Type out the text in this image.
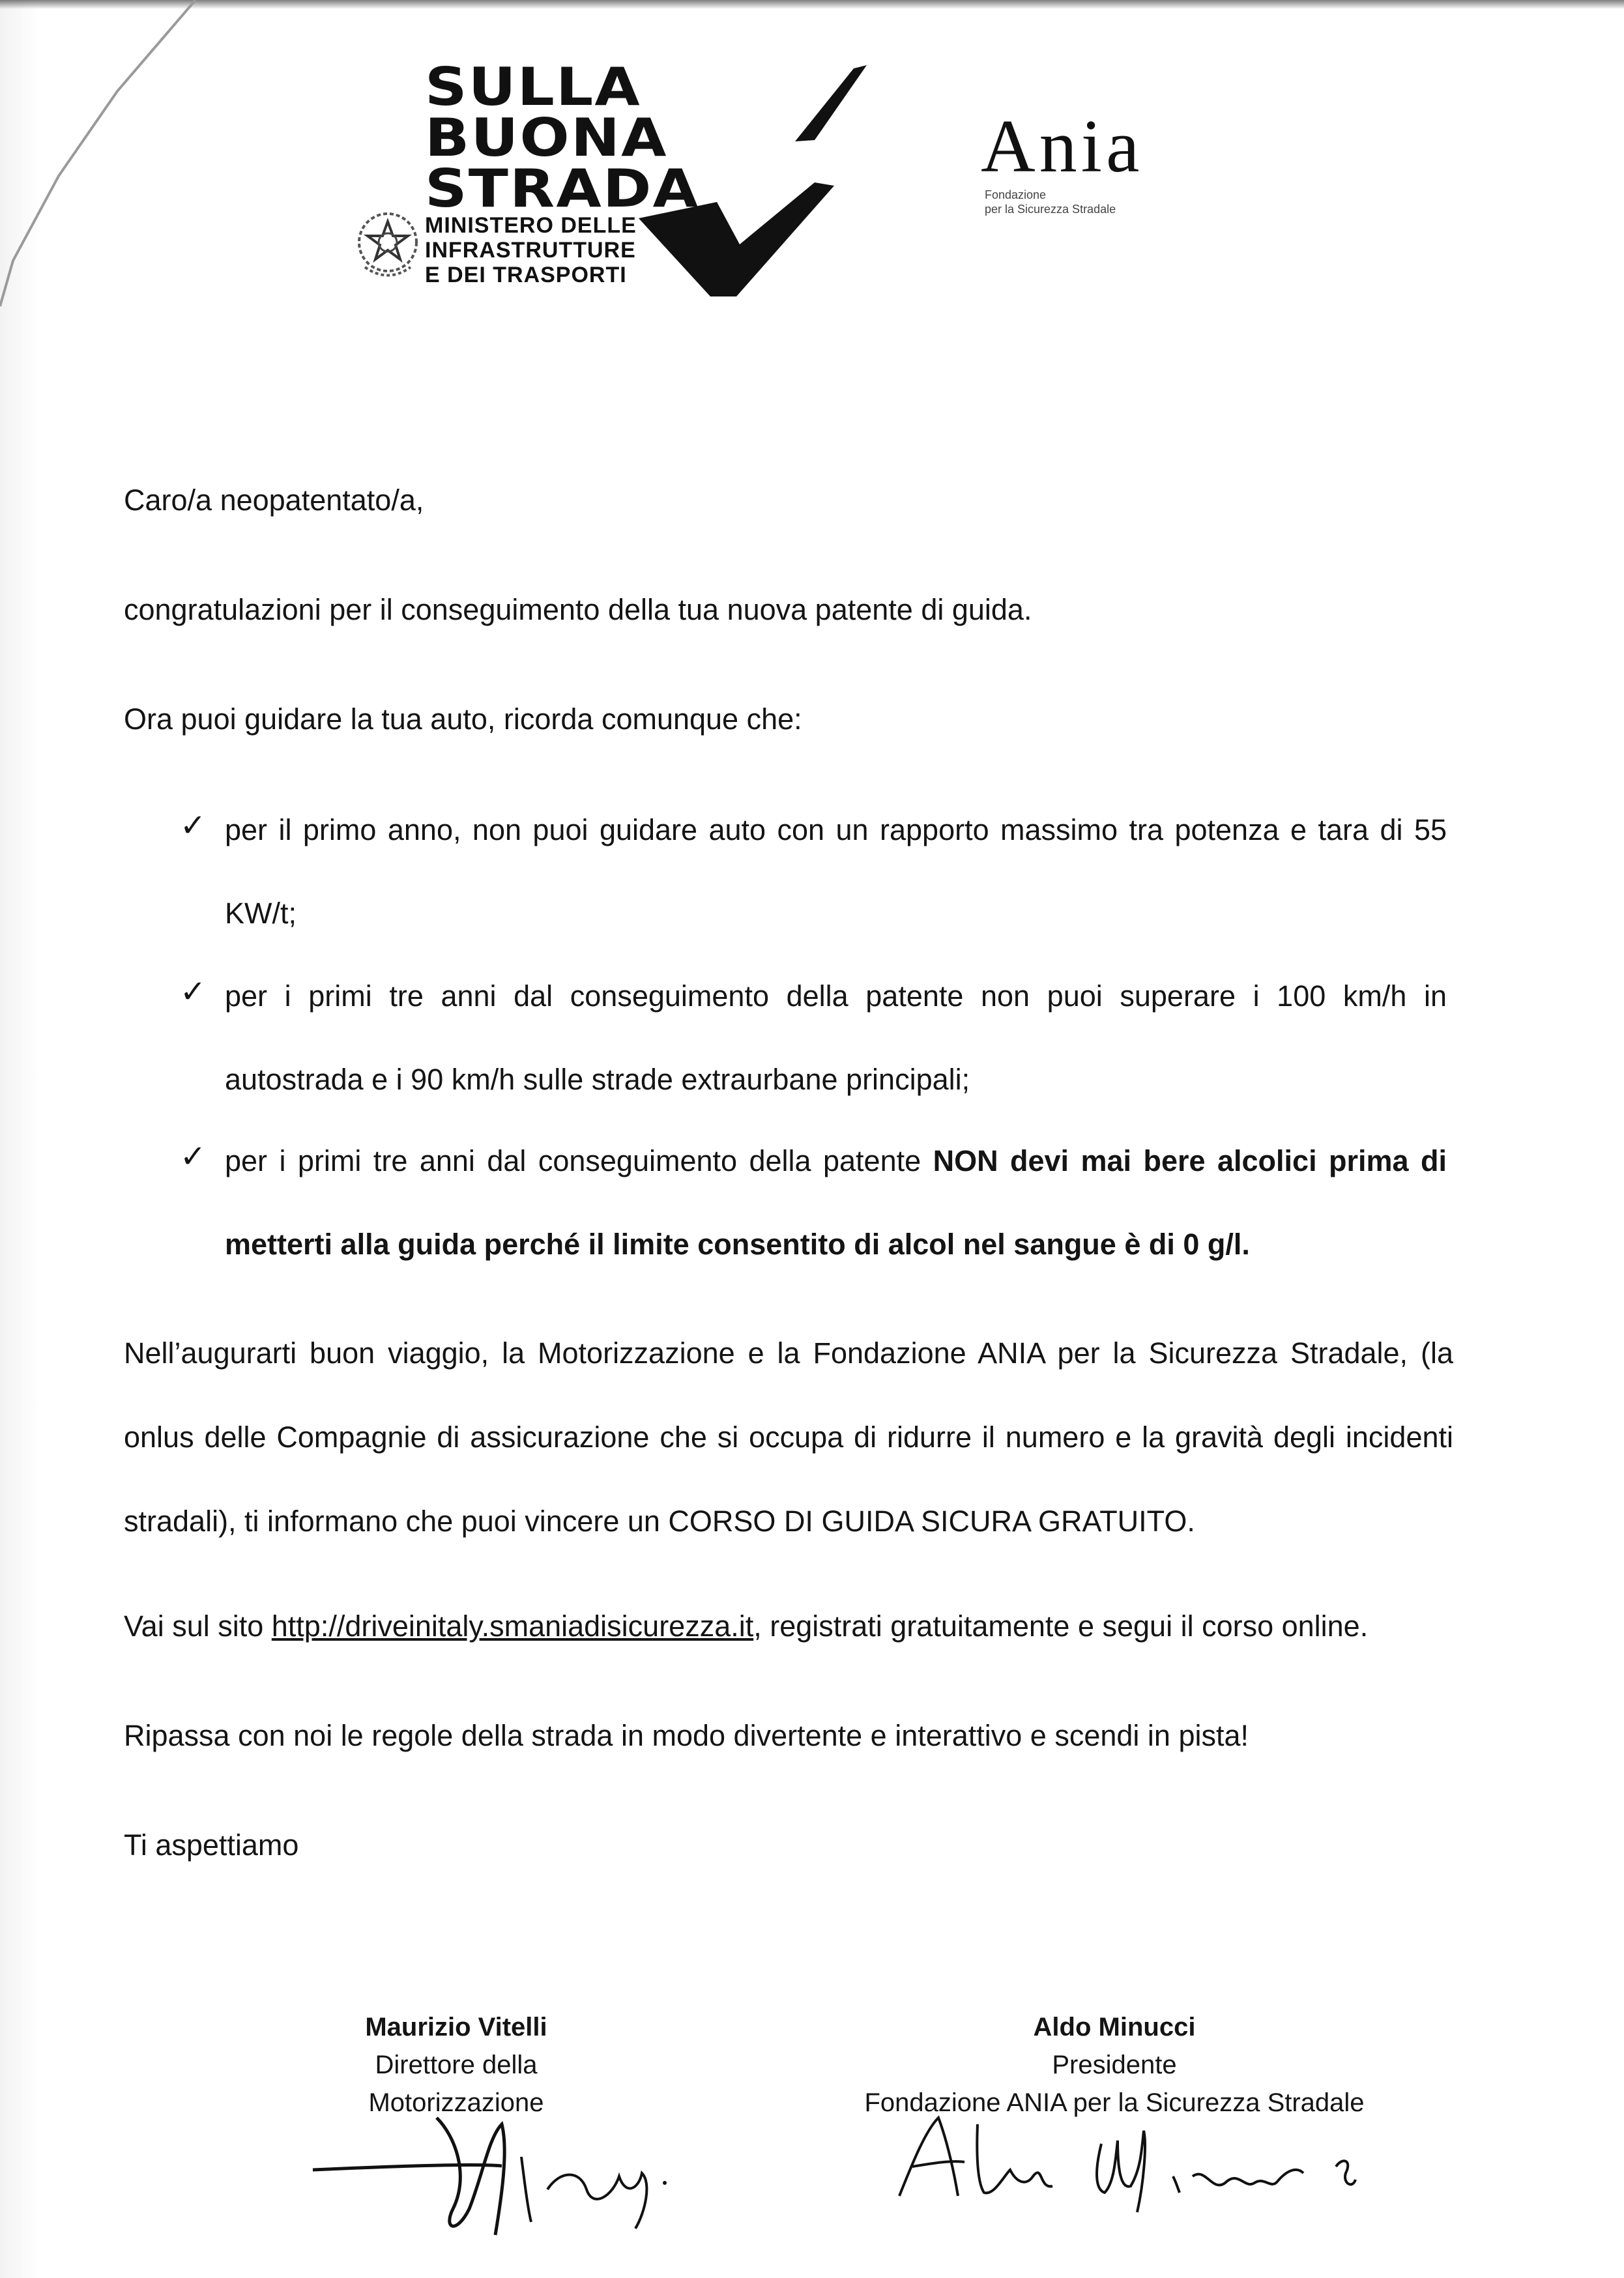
SULLA
BUONA
STRADA
MINISTERO DELLE
INFRASTRUTTURE
E DEI TRASPORTI
Ania
Fondazione
per la Sicurezza Stradale

Caro/a neopatentato/a,

congratulazioni per il conseguimento della tua nuova patente di guida.

Ora puoi guidare la tua auto, ricorda comunque che:

✓ per il primo anno, non puoi guidare auto con un rapporto massimo tra potenza e tara di 55 KW/t;

✓ per i primi tre anni dal conseguimento della patente non puoi superare i 100 km/h in autostrada e i 90 km/h sulle strade extraurbane principali;

✓ per i primi tre anni dal conseguimento della patente NON devi mai bere alcolici prima di metterti alla guida perché il limite consentito di alcol nel sangue è di 0 g/l.

Nell’augurarti buon viaggio, la Motorizzazione e la Fondazione ANIA per la Sicurezza Stradale, (la onlus delle Compagnie di assicurazione che si occupa di ridurre il numero e la gravità degli incidenti stradali), ti informano che puoi vincere un CORSO DI GUIDA SICURA GRATUITO.

Vai sul sito http://driveinitaly.smaniadisicurezza.it, registrati gratuitamente e segui il corso online.

Ripassa con noi le regole della strada in modo divertente e interattivo e scendi in pista!

Ti aspettiamo

Maurizio Vitelli
Direttore della
Motorizzazione
Aldo Minucci
Presidente
Fondazione ANIA per la Sicurezza Stradale
